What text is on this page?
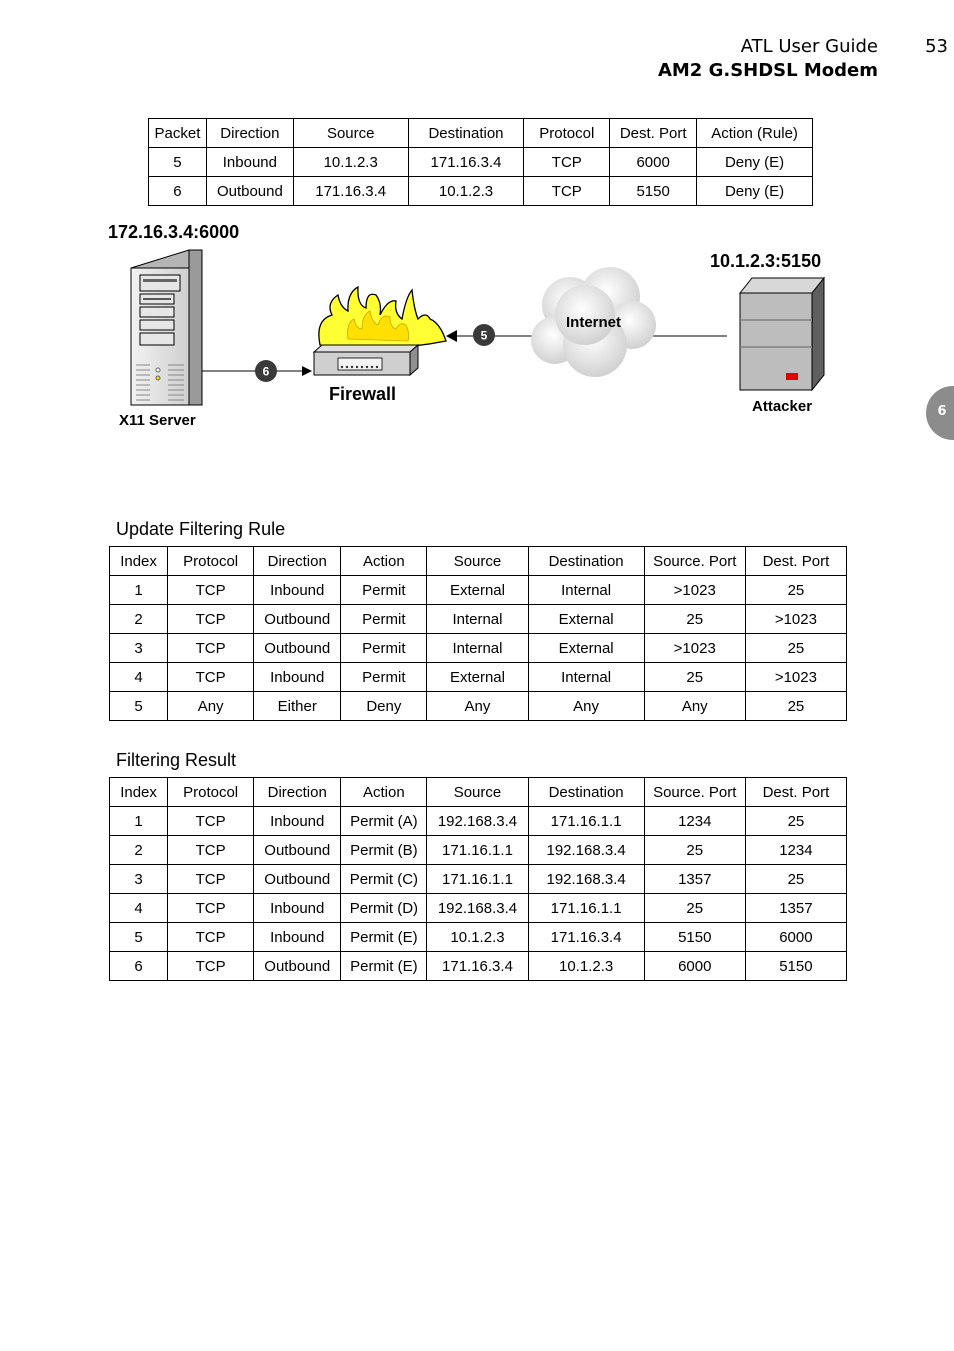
ATL User Guide
AM2 G.SHDSL Modem
53
6
Packet	Direction	Source	Destination	Protocol	Dest. Port	Action (Rule)
5	Inbound	10.1.2.3	171.16.3.4	TCP	6000	Deny (E)
6	Outbound	171.16.3.4	10.1.2.3	TCP	5150	Deny (E)
172.16.3.4:6000
10.1.2.3:5150
X11 Server
Firewall
Internet
Attacker
5
6
Update Filtering Rule
Index	Protocol	Direction	Action	Source	Destination	Source. Port	Dest. Port
1	TCP	Inbound	Permit	External	Internal	>1023	25
2	TCP	Outbound	Permit	Internal	External	25	>1023
3	TCP	Outbound	Permit	Internal	External	>1023	25
4	TCP	Inbound	Permit	External	Internal	25	>1023
5	Any	Either	Deny	Any	Any	Any	25
Filtering Result
Index	Protocol	Direction	Action	Source	Destination	Source. Port	Dest. Port
1	TCP	Inbound	Permit (A)	192.168.3.4	171.16.1.1	1234	25
2	TCP	Outbound	Permit (B)	171.16.1.1	192.168.3.4	25	1234
3	TCP	Outbound	Permit (C)	171.16.1.1	192.168.3.4	1357	25
4	TCP	Inbound	Permit (D)	192.168.3.4	171.16.1.1	25	1357
5	TCP	Inbound	Permit (E)	10.1.2.3	171.16.3.4	5150	6000
6	TCP	Outbound	Permit (E)	171.16.3.4	10.1.2.3	6000	5150
